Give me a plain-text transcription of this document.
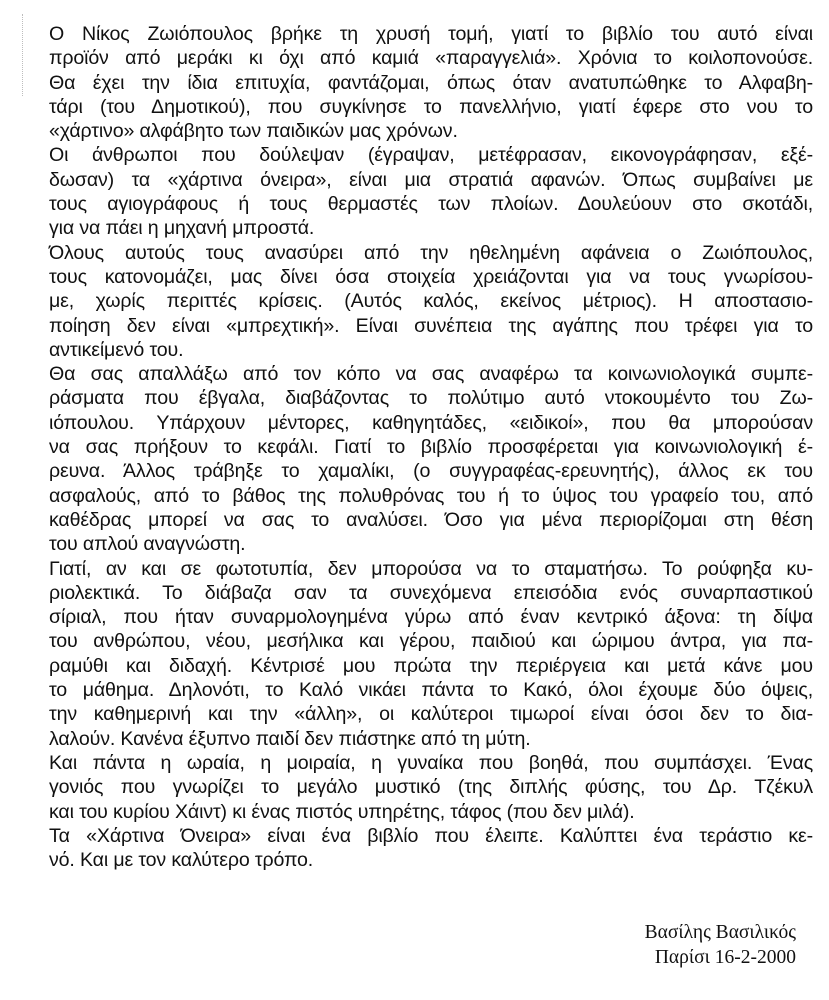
Ο Νίκος Ζωιόπουλος βρήκε τη χρυσή τομή, γιατί το βιβλίο του αυτό είναι
προϊόν από μεράκι κι όχι από καμιά «παραγγελιά». Χρόνια το κοιλοπονούσε.
Θα έχει την ίδια επιτυχία, φαντάζομαι, όπως όταν ανατυπώθηκε το Αλφαβη-
τάρι (του Δημοτικού), που συγκίνησε το πανελλήνιο, γιατί έφερε στο νου το
«χάρτινο» αλφάβητο των παιδικών μας χρόνων.
Οι άνθρωποι που δούλεψαν (έγραψαν, μετέφρασαν, εικονογράφησαν, εξέ-
δωσαν) τα «χάρτινα όνειρα», είναι μια στρατιά αφανών. Όπως συμβαίνει με
τους αγιογράφους ή τους θερμαστές των πλοίων. Δουλεύουν στο σκοτάδι,
για να πάει η μηχανή μπροστά.
Όλους αυτούς τους ανασύρει από την ηθελημένη αφάνεια ο Ζωιόπουλος,
τους κατονομάζει, μας δίνει όσα στοιχεία χρειάζονται για να τους γνωρίσου-
με, χωρίς περιττές κρίσεις. (Αυτός καλός, εκείνος μέτριος). Η αποστασιο-
ποίηση δεν είναι «μπρεχτική». Είναι συνέπεια της αγάπης που τρέφει για το
αντικείμενό του.
Θα σας απαλλάξω από τον κόπο να σας αναφέρω τα κοινωνιολογικά συμπε-
ράσματα που έβγαλα, διαβάζοντας το πολύτιμο αυτό ντοκουμέντο του Ζω-
ιόπουλου. Υπάρχουν μέντορες, καθηγητάδες, «ειδικοί», που θα μπορούσαν
να σας πρήξουν το κεφάλι. Γιατί το βιβλίο προσφέρεται για κοινωνιολογική έ-
ρευνα. Άλλος τράβηξε το χαμαλίκι, (ο συγγραφέας-ερευνητής), άλλος εκ του
ασφαλούς, από το βάθος της πολυθρόνας του ή το ύψος του γραφείο του, από
καθέδρας μπορεί να σας το αναλύσει. Όσο για μένα περιορίζομαι στη θέση
του απλού αναγνώστη.
Γιατί, αν και σε φωτοτυπία, δεν μπορούσα να το σταματήσω. Το ρούφηξα κυ-
ριολεκτικά. Το διάβαζα σαν τα συνεχόμενα επεισόδια ενός συναρπαστικού
σίριαλ, που ήταν συναρμολογημένα γύρω από έναν κεντρικό άξονα: τη δίψα
του ανθρώπου, νέου, μεσήλικα και γέρου, παιδιού και ώριμου άντρα, για πα-
ραμύθι και διδαχή. Κέντρισέ μου πρώτα την περιέργεια και μετά κάνε μου
το μάθημα. Δηλονότι, το Καλό νικάει πάντα το Κακό, όλοι έχουμε δύο όψεις,
την καθημερινή και την «άλλη», οι καλύτεροι τιμωροί είναι όσοι δεν το δια-
λαλούν. Κανένα έξυπνο παιδί δεν πιάστηκε από τη μύτη.
Και πάντα η ωραία, η μοιραία, η γυναίκα που βοηθά, που συμπάσχει. Ένας
γονιός που γνωρίζει το μεγάλο μυστικό (της διπλής φύσης, του Δρ. Τζέκυλ
και του κυρίου Χάιντ) κι ένας πιστός υπηρέτης, τάφος (που δεν μιλά).
Τα «Χάρτινα Όνειρα» είναι ένα βιβλίο που έλειπε. Καλύπτει ένα τεράστιο κε-
νό. Και με τον καλύτερο τρόπο.
Βασίλης Βασιλικός
Παρίσι 16-2-2000
